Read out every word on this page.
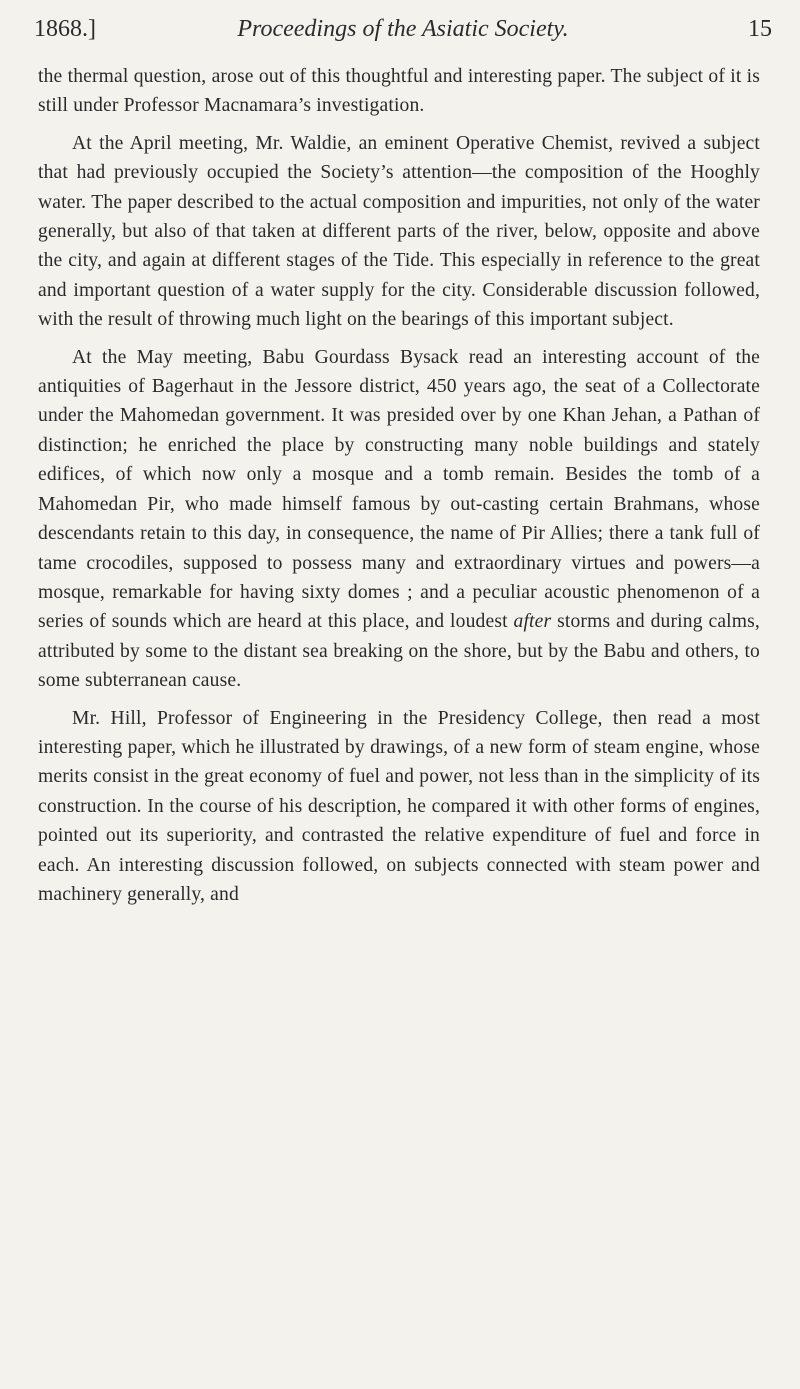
1868.]	Proceedings of the Asiatic Society.	15

the thermal question, arose out of this thoughtful and interesting paper. The subject of it is still under Professor Macnamara’s investigation.

At the April meeting, Mr. Waldie, an eminent Operative Chemist, revived a subject that had previously occupied the Society’s attention—the composition of the Hooghly water. The paper described to the actual composition and impurities, not only of the water generally, but also of that taken at different parts of the river, below, opposite and above the city, and again at different stages of the Tide. This especially in reference to the great and important question of a water supply for the city. Considerable discussion followed, with the result of throwing much light on the bearings of this important subject.

At the May meeting, Babu Gourdass Bysack read an interesting account of the antiquities of Bagerhaut in the Jessore district, 450 years ago, the seat of a Collectorate under the Mahomedan government. It was presided over by one Khan Jehan, a Pathan of distinction; he enriched the place by constructing many noble buildings and stately edifices, of which now only a mosque and a tomb remain. Besides the tomb of a Mahomedan Pir, who made himself famous by out-casting certain Brahmans, whose descendants retain to this day, in consequence, the name of Pir Allies; there a tank full of tame crocodiles, supposed to possess many and extraordinary virtues and powers—a mosque, remarkable for having sixty domes ; and a peculiar acoustic phenomenon of a series of sounds which are heard at this place, and loudest after storms and during calms, attributed by some to the distant sea breaking on the shore, but by the Babu and others, to some subterranean cause.

Mr. Hill, Professor of Engineering in the Presidency College, then read a most interesting paper, which he illustrated by drawings, of a new form of steam engine, whose merits consist in the great economy of fuel and power, not less than in the simplicity of its construction. In the course of his description, he compared it with other forms of engines, pointed out its superiority, and contrasted the relative expenditure of fuel and force in each. An interesting discussion followed, on subjects connected with steam power and machinery generally, and
